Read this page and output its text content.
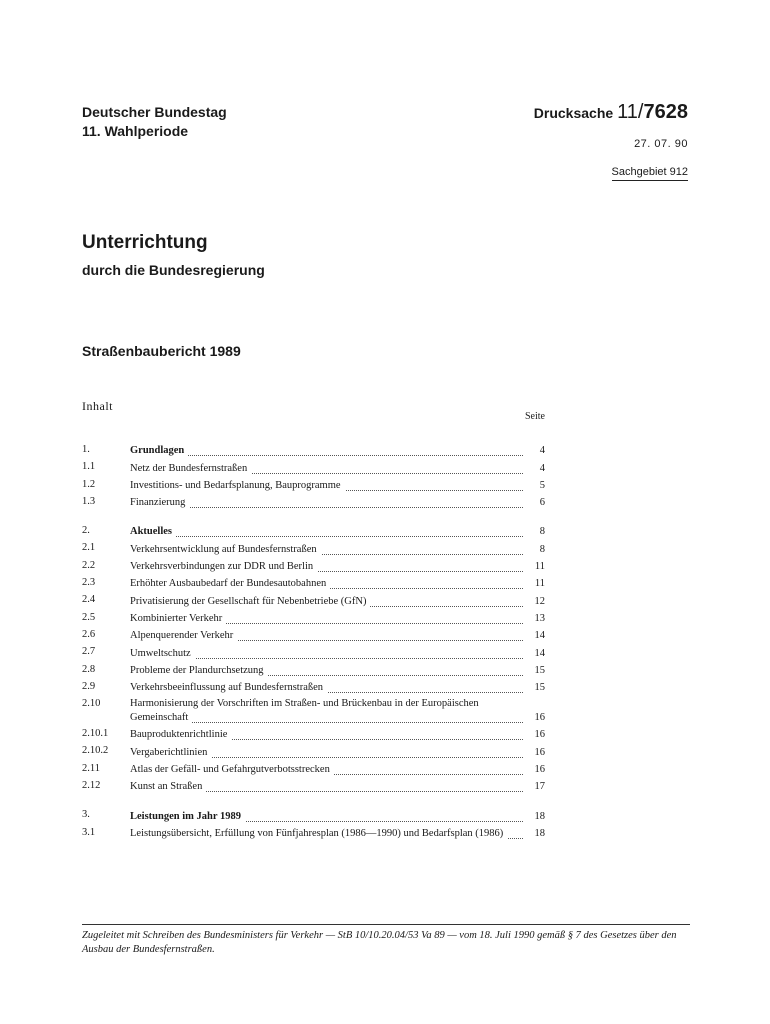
Deutscher Bundestag
11. Wahlperiode
Drucksache 11/7628
27. 07. 90
Sachgebiet 912
Unterrichtung
durch die Bundesregierung
Straßenbaubericht 1989
Inhalt
Seite
1.	Grundlagen	4
1.1	Netz der Bundesfernstraßen	4
1.2	Investitions- und Bedarfsplanung, Bauprogramme	5
1.3	Finanzierung	6
2.	Aktuelles	8
2.1	Verkehrsentwicklung auf Bundesfernstraßen	8
2.2	Verkehrsverbindungen zur DDR und Berlin	11
2.3	Erhöhter Ausbaubedarf der Bundesautobahnen	11
2.4	Privatisierung der Gesellschaft für Nebenbetriebe (GfN)	12
2.5	Kombinierter Verkehr	13
2.6	Alpenquerender Verkehr	14
2.7	Umweltschutz	14
2.8	Probleme der Plandurchsetzung	15
2.9	Verkehrsbeeinflussung auf Bundesfernstraßen	15
2.10	Harmonisierung der Vorschriften im Straßen- und Brückenbau in der Europäischen Gemeinschaft	16
2.10.1	Bauproduktenrichtlinie	16
2.10.2	Vergaberichtlinien	16
2.11	Atlas der Gefäll- und Gefahrgutverbotsstrecken	16
2.12	Kunst an Straßen	17
3.	Leistungen im Jahr 1989	18
3.1	Leistungsübersicht, Erfüllung von Fünfjahresplan (1986—1990) und Bedarfsplan (1986)	18
Zugeleitet mit Schreiben des Bundesministers für Verkehr — StB 10/10.20.04/53 Va 89 — vom 18. Juli 1990 gemäß § 7 des Gesetzes über den Ausbau der Bundesfernstraßen.
